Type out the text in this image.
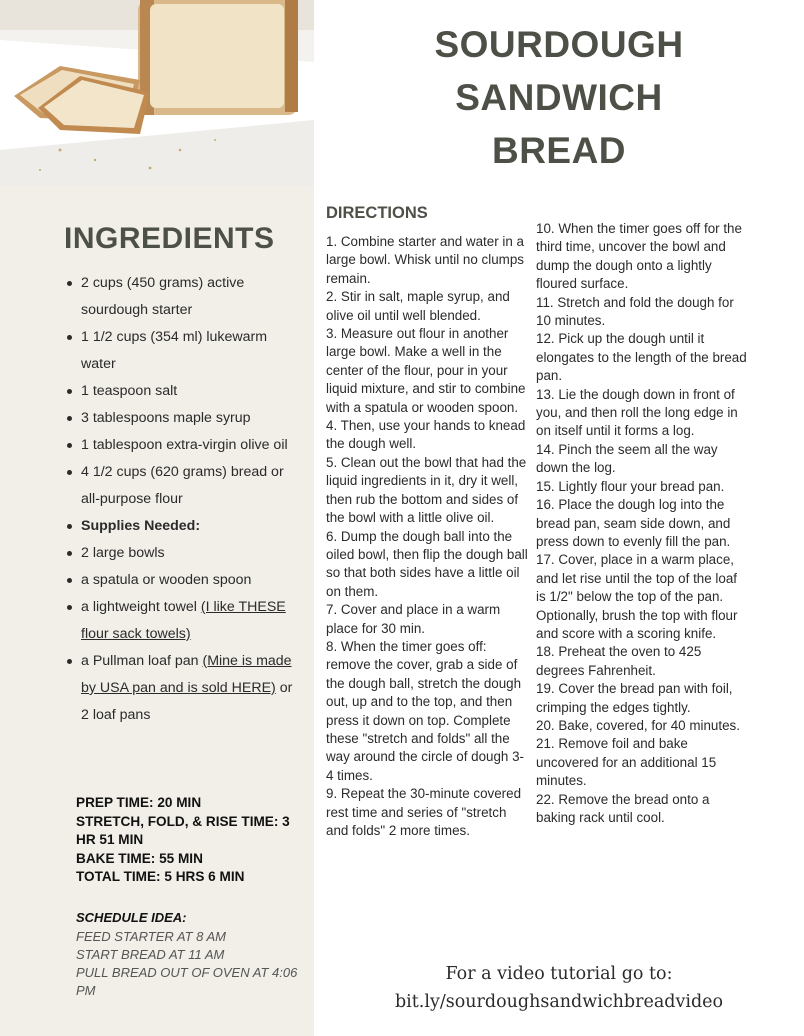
INGREDIENTS
2 cups (450 grams) active sourdough starter
1 1/2 cups (354 ml) lukewarm water
1 teaspoon salt
3 tablespoons maple syrup
1 tablespoon extra-virgin olive oil
4 1/2 cups (620 grams) bread or all-purpose flour
Supplies Needed:
2 large bowls
a spatula or wooden spoon
a lightweight towel (I like THESE flour sack towels)
a Pullman loaf pan (Mine is made by USA pan and is sold HERE) or 2 loaf pans
PREP TIME: 20 MIN
STRETCH, FOLD, & RISE TIME: 3 HR 51 MIN
BAKE TIME: 55 MIN
TOTAL TIME: 5 HRS 6 MIN
SCHEDULE IDEA:
FEED STARTER AT 8 AM
START BREAD AT 11 AM
PULL BREAD OUT OF OVEN AT 4:06 PM
SOURDOUGH
SANDWICH
BREAD
DIRECTIONS
1. Combine starter and water in a large bowl. Whisk until no clumps remain.
2. Stir in salt, maple syrup, and olive oil until well blended.
3. Measure out flour in another large bowl. Make a well in the center of the flour, pour in your liquid mixture, and stir to combine with a spatula or wooden spoon.
4. Then, use your hands to knead the dough well.
5. Clean out the bowl that had the liquid ingredients in it, dry it well, then rub the bottom and sides of the bowl with a little olive oil.
6. Dump the dough ball into the oiled bowl, then flip the dough ball so that both sides have a little oil on them.
7. Cover and place in a warm place for 30 min.
8. When the timer goes off: remove the cover, grab a side of the dough ball, stretch the dough out, up and to the top, and then press it down on top. Complete these "stretch and folds" all the way around the circle of dough 3-4 times.
9. Repeat the 30-minute covered rest time and series of "stretch and folds" 2 more times.
10. When the timer goes off for the third time, uncover the bowl and dump the dough onto a lightly floured surface.
11. Stretch and fold the dough for 10 minutes.
12. Pick up the dough until it elongates to the length of the bread pan.
13. Lie the dough down in front of you, and then roll the long edge in on itself until it forms a log.
14. Pinch the seem all the way down the log.
15. Lightly flour your bread pan.
16. Place the dough log into the bread pan, seam side down, and press down to evenly fill the pan.
17. Cover, place in a warm place, and let rise until the top of the loaf is 1/2" below the top of the pan. Optionally, brush the top with flour and score with a scoring knife.
18. Preheat the oven to 425 degrees Fahrenheit.
19. Cover the bread pan with foil, crimping the edges tightly.
20. Bake, covered, for 40 minutes.
21. Remove foil and bake uncovered for an additional 15 minutes.
22. Remove the bread onto a baking rack until cool.
For a video tutorial go to:
bit.ly/sourdoughsandwichbreadvideo
